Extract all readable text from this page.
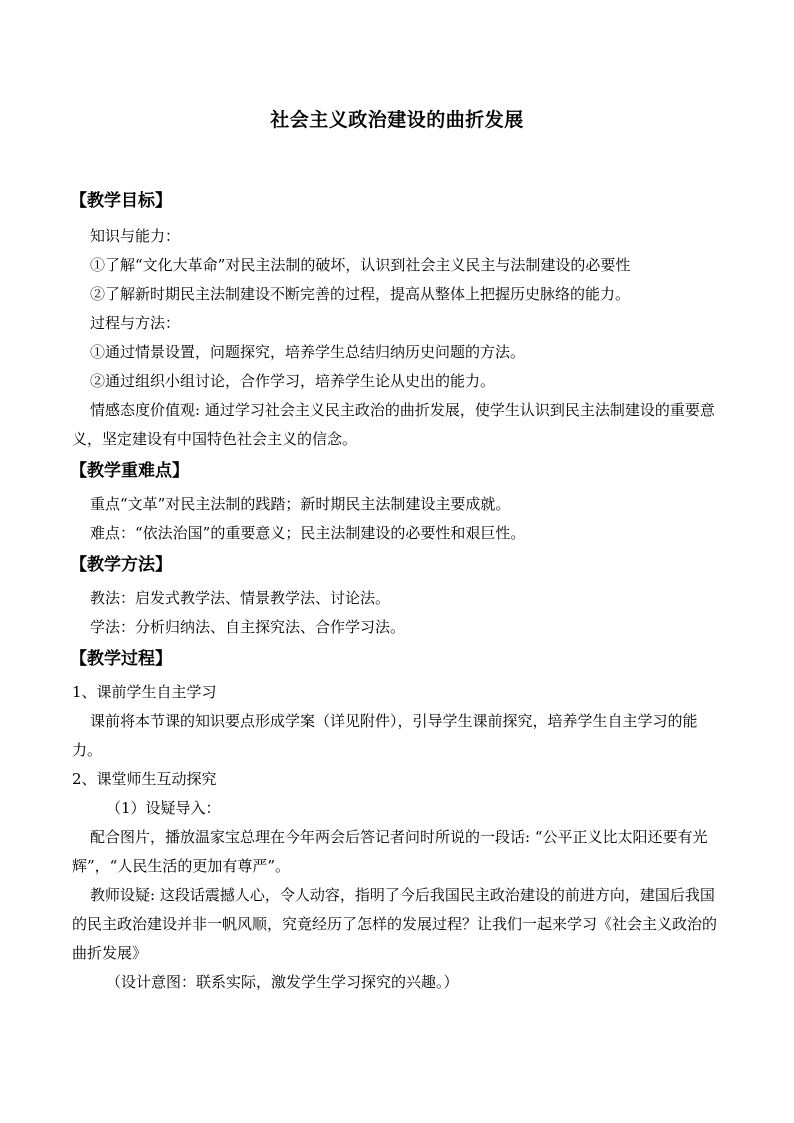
社会主义政治建设的曲折发展
【教学目标】
知识与能力：
①了解“文化大革命”对民主法制的破坏，认识到社会主义民主与法制建设的必要性
②了解新时期民主法制建设不断完善的过程，提高从整体上把握历史脉络的能力。
过程与方法：
①通过情景设置，问题探究，培养学生总结归纳历史问题的方法。
②通过组织小组讨论，合作学习，培养学生论从史出的能力。
情感态度价值观: 通过学习社会主义民主政治的曲折发展，使学生认识到民主法制建设的重要意义，坚定建设有中国特色社会主义的信念。
【教学重难点】
重点“文革”对民主法制的践踏；新时期民主法制建设主要成就。
难点：“依法治国”的重要意义；民主法制建设的必要性和艰巨性。
【教学方法】
教法：启发式教学法、情景教学法、讨论法。
学法：分析归纳法、自主探究法、合作学习法。
【教学过程】
1、课前学生自主学习
课前将本节课的知识要点形成学案（详见附件），引导学生课前探究，培养学生自主学习的能力。
2、课堂师生互动探究
（1）设疑导入：
配合图片，播放温家宝总理在今年两会后答记者问时所说的一段话: “公平正义比太阳还要有光辉”，“人民生活的更加有尊严”。
教师设疑: 这段话震撼人心，令人动容，指明了今后我国民主政治建设的前进方向，建国后我国的民主政治建设并非一帆风顺，究竟经历了怎样的发展过程？让我们一起来学习《社会主义政治的曲折发展》
（设计意图：联系实际，激发学生学习探究的兴趣。）
